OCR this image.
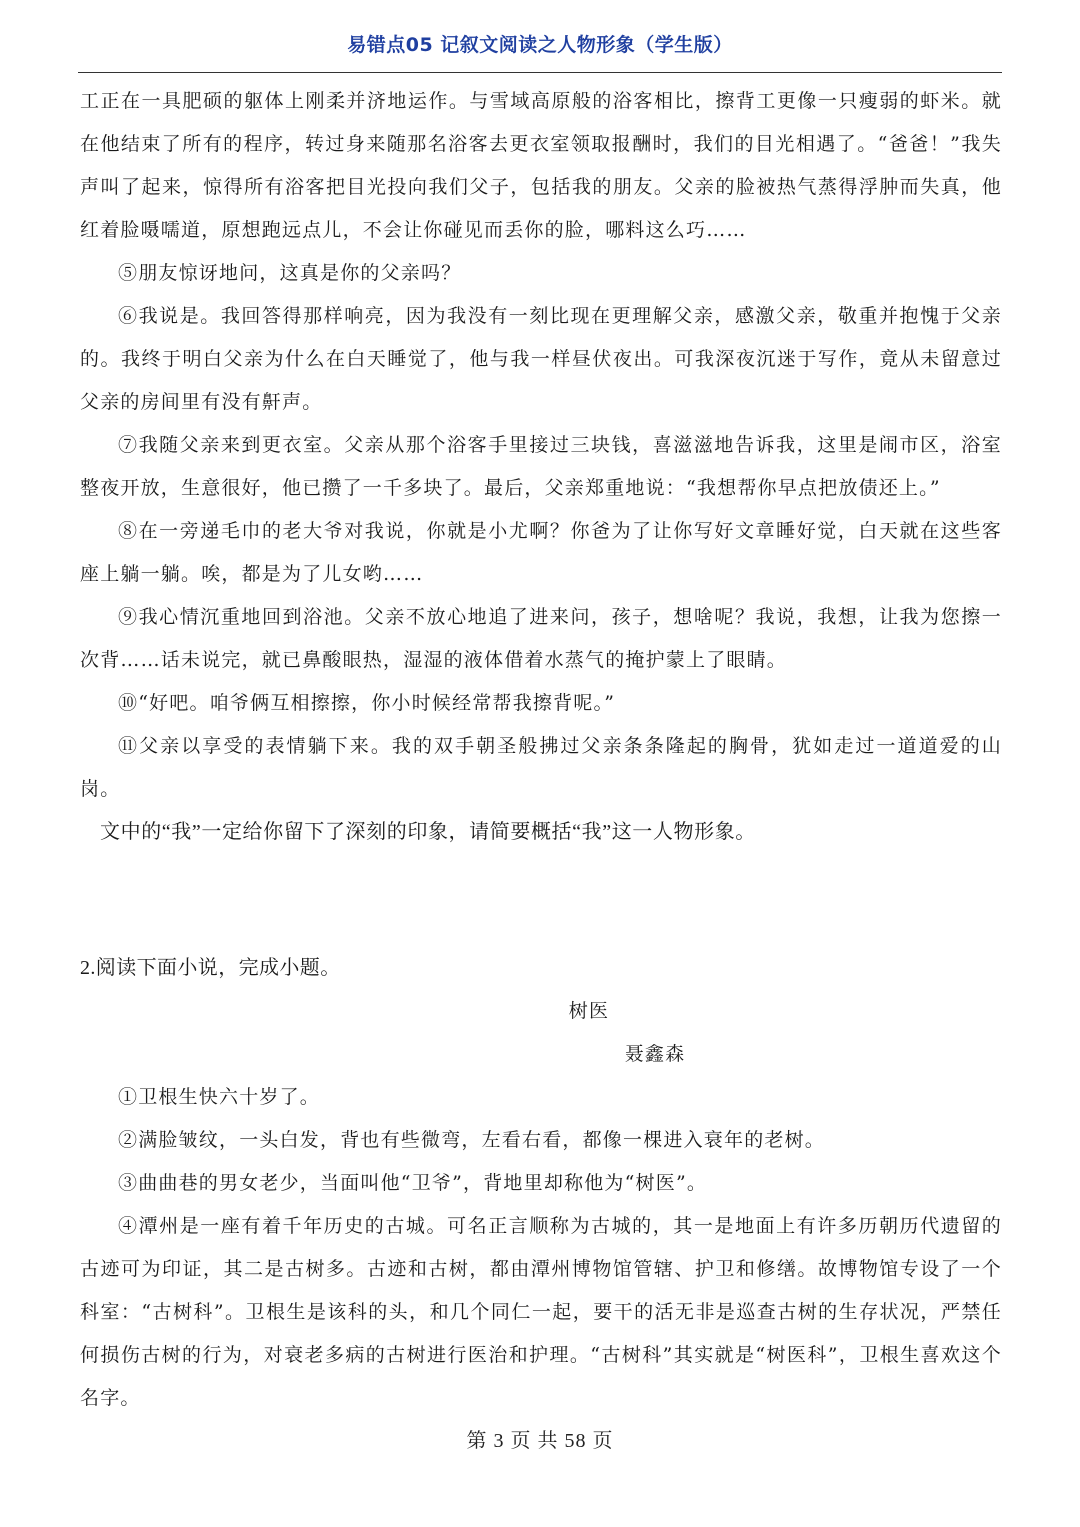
易错点05 记叙文阅读之人物形象（学生版）

工正在一具肥硕的躯体上刚柔并济地运作。与雪域高原般的浴客相比，擦背工更像一只瘦弱的虾米。就在他结束了所有的程序，转过身来随那名浴客去更衣室领取报酬时，我们的目光相遇了。“爸爸！”我失声叫了起来，惊得所有浴客把目光投向我们父子，包括我的朋友。父亲的脸被热气蒸得浮肿而失真，他红着脸嗫嚅道，原想跑远点儿，不会让你碰见而丢你的脸，哪料这么巧……

⑤朋友惊讶地问，这真是你的父亲吗？

⑥我说是。我回答得那样响亮，因为我没有一刻比现在更理解父亲，感激父亲，敬重并抱愧于父亲的。我终于明白父亲为什么在白天睡觉了，他与我一样昼伏夜出。可我深夜沉迷于写作，竟从未留意过父亲的房间里有没有鼾声。

⑦我随父亲来到更衣室。父亲从那个浴客手里接过三块钱，喜滋滋地告诉我，这里是闹市区，浴室整夜开放，生意很好，他已攒了一千多块了。最后，父亲郑重地说：“我想帮你早点把放债还上。”

⑧在一旁递毛巾的老大爷对我说，你就是小尤啊？你爸为了让你写好文章睡好觉，白天就在这些客座上躺一躺。唉，都是为了儿女哟……

⑨我心情沉重地回到浴池。父亲不放心地追了进来问，孩子，想啥呢？我说，我想，让我为您擦一次背……话未说完，就已鼻酸眼热，湿湿的液体借着水蒸气的掩护蒙上了眼睛。

⑩“好吧。咱爷俩互相擦擦，你小时候经常帮我擦背呢。”

⑪父亲以享受的表情躺下来。我的双手朝圣般拂过父亲条条隆起的胸骨，犹如走过一道道爱的山岗。

文中的“我”一定给你留下了深刻的印象，请简要概括“我”这一人物形象。

2.阅读下面小说，完成小题。

树医

聂鑫森

①卫根生快六十岁了。

②满脸皱纹，一头白发，背也有些微弯，左看右看，都像一棵进入衰年的老树。

③曲曲巷的男女老少，当面叫他“卫爷”，背地里却称他为“树医”。

④潭州是一座有着千年历史的古城。可名正言顺称为古城的，其一是地面上有许多历朝历代遗留的古迹可为印证，其二是古树多。古迹和古树，都由潭州博物馆管辖、护卫和修缮。故博物馆专设了一个科室：“古树科”。卫根生是该科的头，和几个同仁一起，要干的活无非是巡查古树的生存状况，严禁任何损伤古树的行为，对衰老多病的古树进行医治和护理。“古树科”其实就是“树医科”，卫根生喜欢这个名字。

第 3 页 共 58 页
